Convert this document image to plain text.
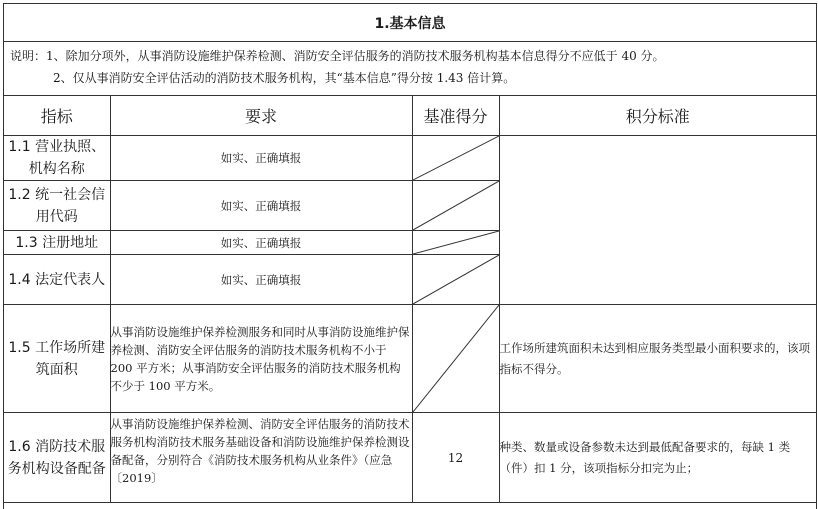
1.基本信息
说明：1、除加分项外，从事消防设施维护保养检测、消防安全评估服务的消防技术服务机构基本信息得分不应低于 40 分。
2、仅从事消防安全评估活动的消防技术服务机构，其“基本信息”得分按 1.43 倍计算。
指标	要求	基准得分	积分标准
1.1 营业执照、机构名称	如实、正确填报	

1.2 统一社会信用代码	如实、正确填报	

1.3 注册地址	如实、正确填报	

1.4 法定代表人	如实、正确填报	

1.5 工作场所建筑面积	从事消防设施维护保养检测服务和同时从事消防设施维护保养检测、消防安全评估服务的消防技术服务机构不小于 200 平方米；从事消防安全评估服务的消防技术服务机构不少于 100 平方米。		工作场所建筑面积未达到相应服务类型最小面积要求的，该项指标不得分。
1.6 消防技术服务机构设备配备	从事消防设施维护保养检测、消防安全评估服务的消防技术服务机构消防技术服务基础设备和消防设施维护保养检测设备配备，分别符合《消防技术服务机构从业条件》（应急〔2019〕	12	种类、数量或设备参数未达到最低配备要求的，每缺 1 类（件）扣 1 分，该项指标分扣完为止；
